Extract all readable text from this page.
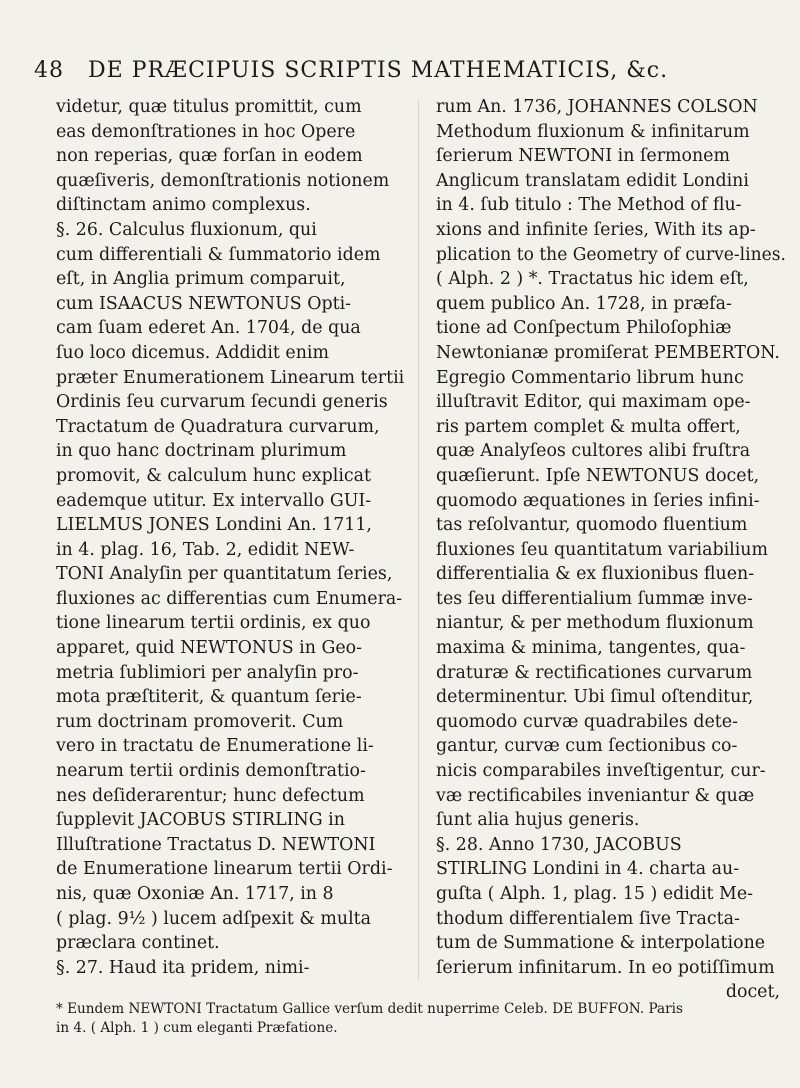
48 DE PRÆCIPUIS SCRIPTIS MATHEMATICIS, &c.
videtur, quæ titulus promittit, cum
eas demonſtrationes in hoc Opere
non reperias, quæ forſan in eodem
quæſiveris, demonſtrationis notionem
diſtinctam animo complexus.
§. 26. Calculus fluxionum, qui
cum differentiali & ſummatorio idem
eſt, in Anglia primum comparuit,
cum ISAACUS NEWTONUS Opti-
cam ſuam ederet An. 1704, de qua
ſuo loco dicemus. Addidit enim
præter Enumerationem Linearum tertii
Ordinis ſeu curvarum ſecundi generis
Tractatum de Quadratura curvarum,
in quo hanc doctrinam plurimum
promovit, & calculum hunc explicat
eademque utitur. Ex intervallo GUI-
LIELMUS JONES Londini An. 1711,
in 4. plag. 16, Tab. 2, edidit NEW-
TONI Analyſin per quantitatum ſeries,
fluxiones ac differentias cum Enumera-
tione linearum tertii ordinis, ex quo
apparet, quid NEWTONUS in Geo-
metria ſublimiori per analyſin pro-
mota præſtiterit, & quantum ſerie-
rum doctrinam promoverit. Cum
vero in tractatu de Enumeratione li-
nearum tertii ordinis demonſtratio-
nes deſiderarentur; hunc defectum
ſupplevit JACOBUS STIRLING in
Illuſtratione Tractatus D. NEWTONI
de Enumeratione linearum tertii Ordi-
nis, quæ Oxoniæ An. 1717, in 8
( plag. 9½ ) lucem adſpexit & multa
præclara continet.
§. 27. Haud ita pridem, nimi-
rum An. 1736, JOHANNES COLSON
Methodum fluxionum & infinitarum
ſerierum NEWTONI in ſermonem
Anglicum translatam edidit Londini
in 4. ſub titulo : The Method of flu-
xions and infinite ſeries, With its ap-
plication to the Geometry of curve-lines.
( Alph. 2 ) *. Tractatus hic idem eſt,
quem publico An. 1728, in præfa-
tione ad Conſpectum Philoſophiæ
Newtonianæ promiſerat PEMBERTON.
Egregio Commentario librum hunc
illuſtravit Editor, qui maximam ope-
ris partem complet & multa offert,
quæ Analyſeos cultores alibi fruſtra
quæſierunt. Ipſe NEWTONUS docet,
quomodo æquationes in ſeries infini-
tas reſolvantur, quomodo fluentium
fluxiones ſeu quantitatum variabilium
differentialia & ex fluxionibus fluen-
tes ſeu differentialium ſummæ inve-
niantur, & per methodum fluxionum
maxima & minima, tangentes, qua-
draturæ & rectificationes curvarum
determinentur. Ubi ſimul oſtenditur,
quomodo curvæ quadrabiles dete-
gantur, curvæ cum ſectionibus co-
nicis comparabiles inveſtigentur, cur-
væ rectificabiles inveniantur & quæ
ſunt alia hujus generis.
§. 28. Anno 1730, JACOBUS
STIRLING Londini in 4. charta au-
guſta ( Alph. 1, plag. 15 ) edidit Me-
thodum differentialem ſive Tracta-
tum de Summatione & interpolatione
ſerierum infinitarum. In eo potiſſimum
docet,
* Eundem NEWTONI Tractatum Gallice verſum dedit nuperrime Celeb. DE BUFFON. Paris
in 4. ( Alph. 1 ) cum eleganti Præfatione.
